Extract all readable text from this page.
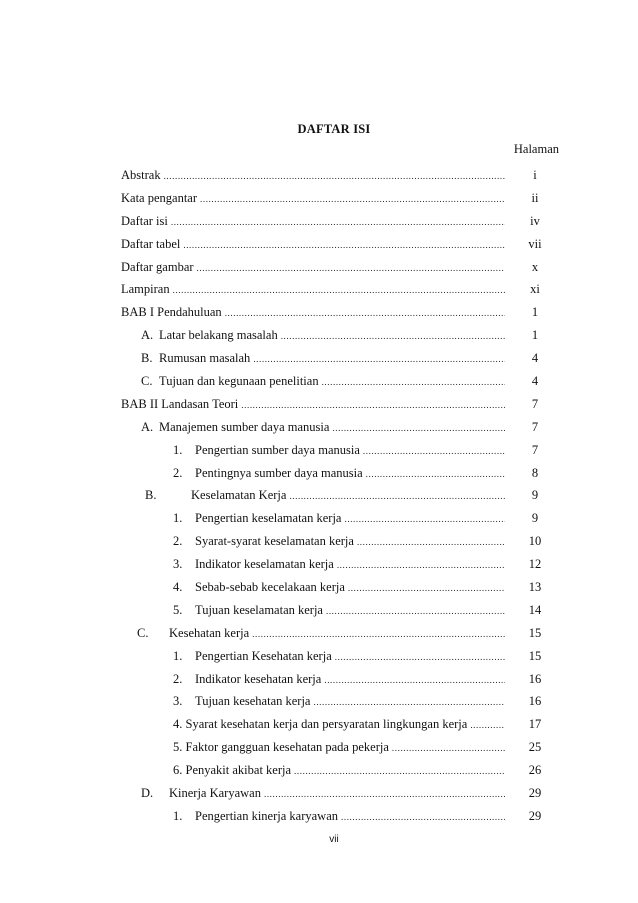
DAFTAR ISI
Halaman
Abstrak .....	i
Kata pengantar .....	ii
Daftar isi .....	iv
Daftar tabel .....	vii
Daftar gambar .....	x
Lampiran .....	xi
BAB I Pendahuluan .....	1
A. Latar belakang masalah .....	1
B. Rumusan masalah .....	4
C. Tujuan dan kegunaan penelitian .....	4
BAB II Landasan Teori .....	7
A. Manajemen sumber daya manusia .....	7
1.	Pengertian sumber daya manusia .....	7
2.	Pentingnya sumber daya manusia .....	8
B.	Keselamatan Kerja .....	9
1.	Pengertian keselamatan kerja .....	9
2.	Syarat-syarat keselamatan kerja .....	10
3.	Indikator keselamatan kerja .....	12
4.	Sebab-sebab kecelakaan kerja .....	13
5.	Tujuan keselamatan kerja .....	14
C.	Kesehatan kerja .....	15
1.	Pengertian Kesehatan kerja .....	15
2.	Indikator kesehatan kerja .....	16
3.	Tujuan kesehatan kerja .....	16
4. Syarat kesehatan kerja dan persyaratan lingkungan kerja .....	17
5. Faktor gangguan kesehatan pada pekerja .....	25
6. Penyakit akibat kerja .....	26
D.	Kinerja Karyawan .....	29
1.	Pengertian kinerja karyawan .....	29
vii
